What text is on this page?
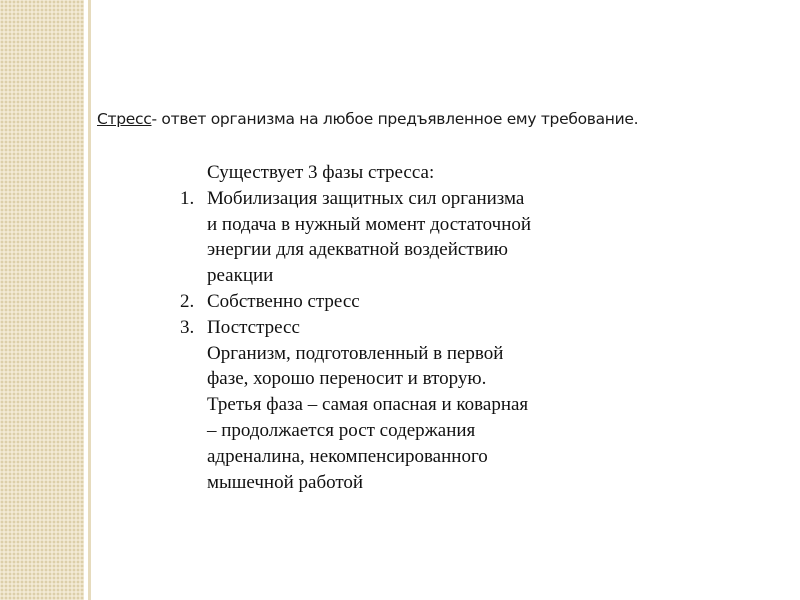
Стресс- ответ организма на любое предъявленное ему требование.
Существует 3 фазы стресса:
1. Мобилизация защитных сил организма
и подача в нужный момент достаточной
энергии для адекватной воздействию
реакции
2. Собственно стресс
3. Постстресс
Организм, подготовленный в первой
фазе, хорошо переносит и вторую.
Третья фаза – самая опасная и коварная
– продолжается рост содержания
адреналина, некомпенсированного
мышечной работой
